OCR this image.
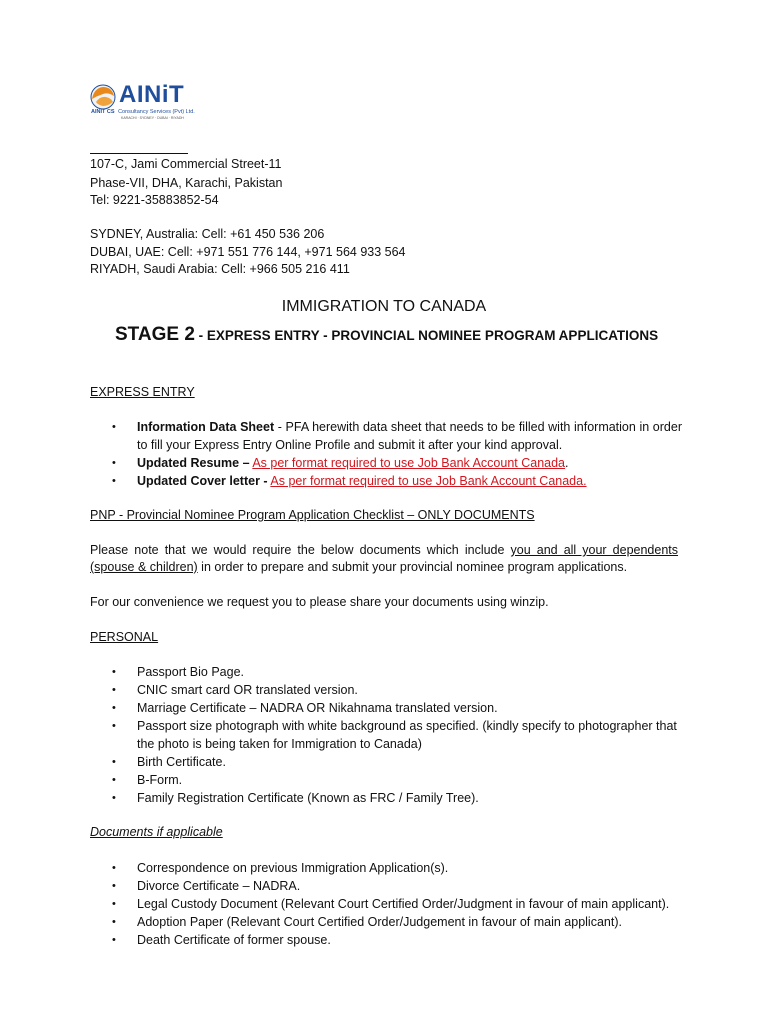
AINiT
AINIT CS Consultancy Services (Pvt) Ltd.
KARACHI · SYDNEY · DUBAI · RIYADH
107-C, Jami Commercial Street-11
Phase-VII, DHA, Karachi, Pakistan
Tel: 9221-35883852-54
SYDNEY, Australia: Cell: +61 450 536 206
DUBAI, UAE: Cell: +971 551 776 144, +971 564 933 564
RIYADH, Saudi Arabia: Cell: +966 505 216 411
IMMIGRATION TO CANADA
STAGE 2 - EXPRESS ENTRY - PROVINCIAL NOMINEE PROGRAM APPLICATIONS
EXPRESS ENTRY
• Information Data Sheet - PFA herewith data sheet that needs to be filled with information in order to fill your Express Entry Online Profile and submit it after your kind approval.
• Updated Resume – As per format required to use Job Bank Account Canada.
• Updated Cover letter - As per format required to use Job Bank Account Canada.
PNP - Provincial Nominee Program Application Checklist – ONLY DOCUMENTS
Please note that we would require the below documents which include you and all your dependents (spouse & children) in order to prepare and submit your provincial nominee program applications.
For our convenience we request you to please share your documents using winzip.
PERSONAL
• Passport Bio Page.
• CNIC smart card OR translated version.
• Marriage Certificate – NADRA OR Nikahnama translated version.
• Passport size photograph with white background as specified. (kindly specify to photographer that the photo is being taken for Immigration to Canada)
• Birth Certificate.
• B-Form.
• Family Registration Certificate (Known as FRC / Family Tree).
Documents if applicable
• Correspondence on previous Immigration Application(s).
• Divorce Certificate – NADRA.
• Legal Custody Document (Relevant Court Certified Order/Judgment in favour of main applicant).
• Adoption Paper (Relevant Court Certified Order/Judgement in favour of main applicant).
• Death Certificate of former spouse.
